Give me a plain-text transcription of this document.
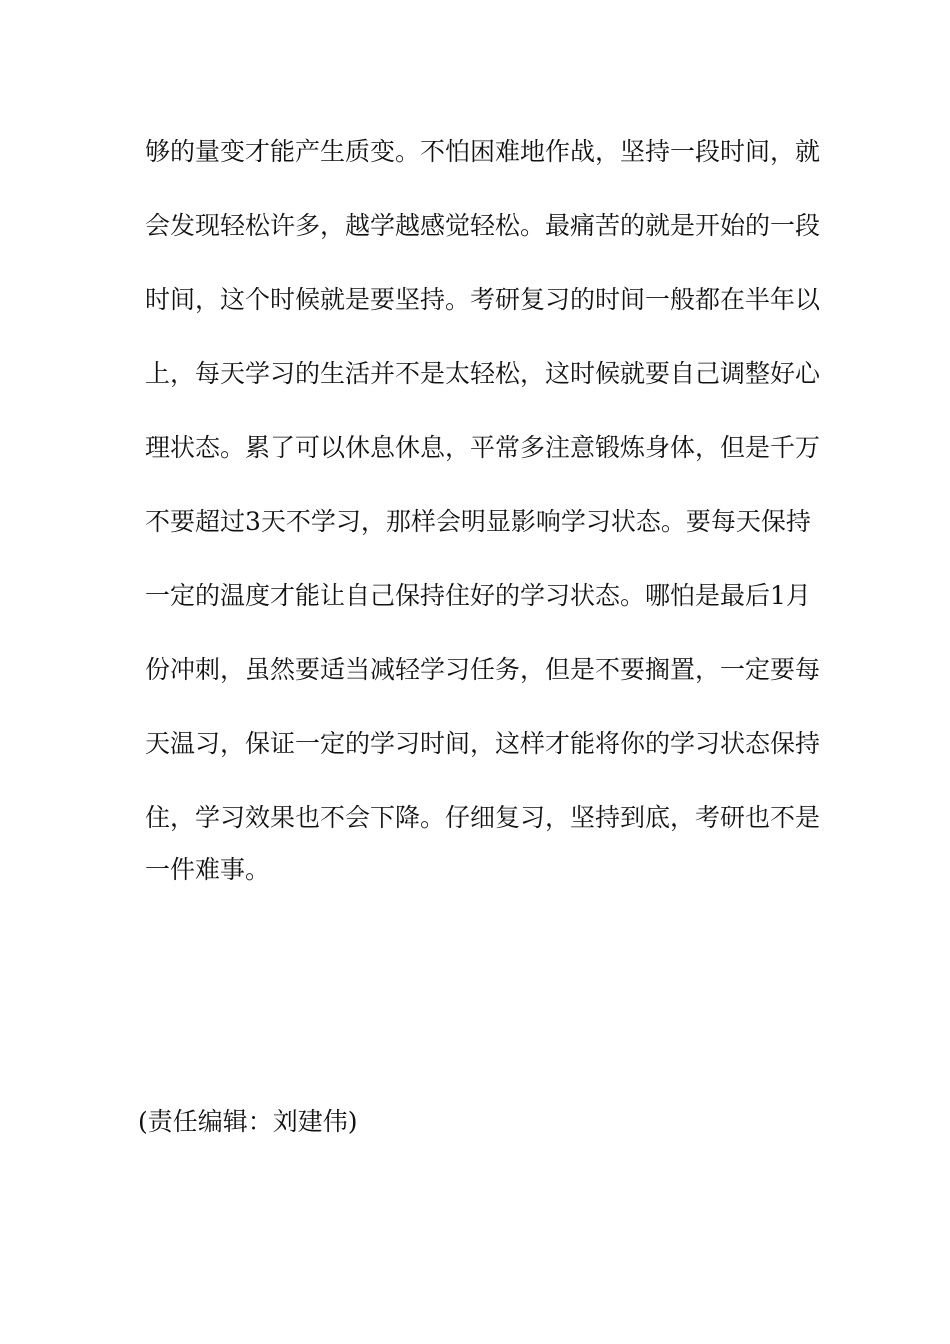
够的量变才能产生质变。不怕困难地作战，坚持一段时间，就
会发现轻松许多，越学越感觉轻松。最痛苦的就是开始的一段
时间，这个时候就是要坚持。考研复习的时间一般都在半年以
上，每天学习的生活并不是太轻松，这时候就要自己调整好心
理状态。累了可以休息休息，平常多注意锻炼身体，但是千万
不要超过3天不学习，那样会明显影响学习状态。要每天保持
一定的温度才能让自己保持住好的学习状态。哪怕是最后1月
份冲刺，虽然要适当减轻学习任务，但是不要搁置，一定要每
天温习，保证一定的学习时间，这样才能将你的学习状态保持
住，学习效果也不会下降。仔细复习，坚持到底，考研也不是
一件难事。
(责任编辑：刘建伟)
